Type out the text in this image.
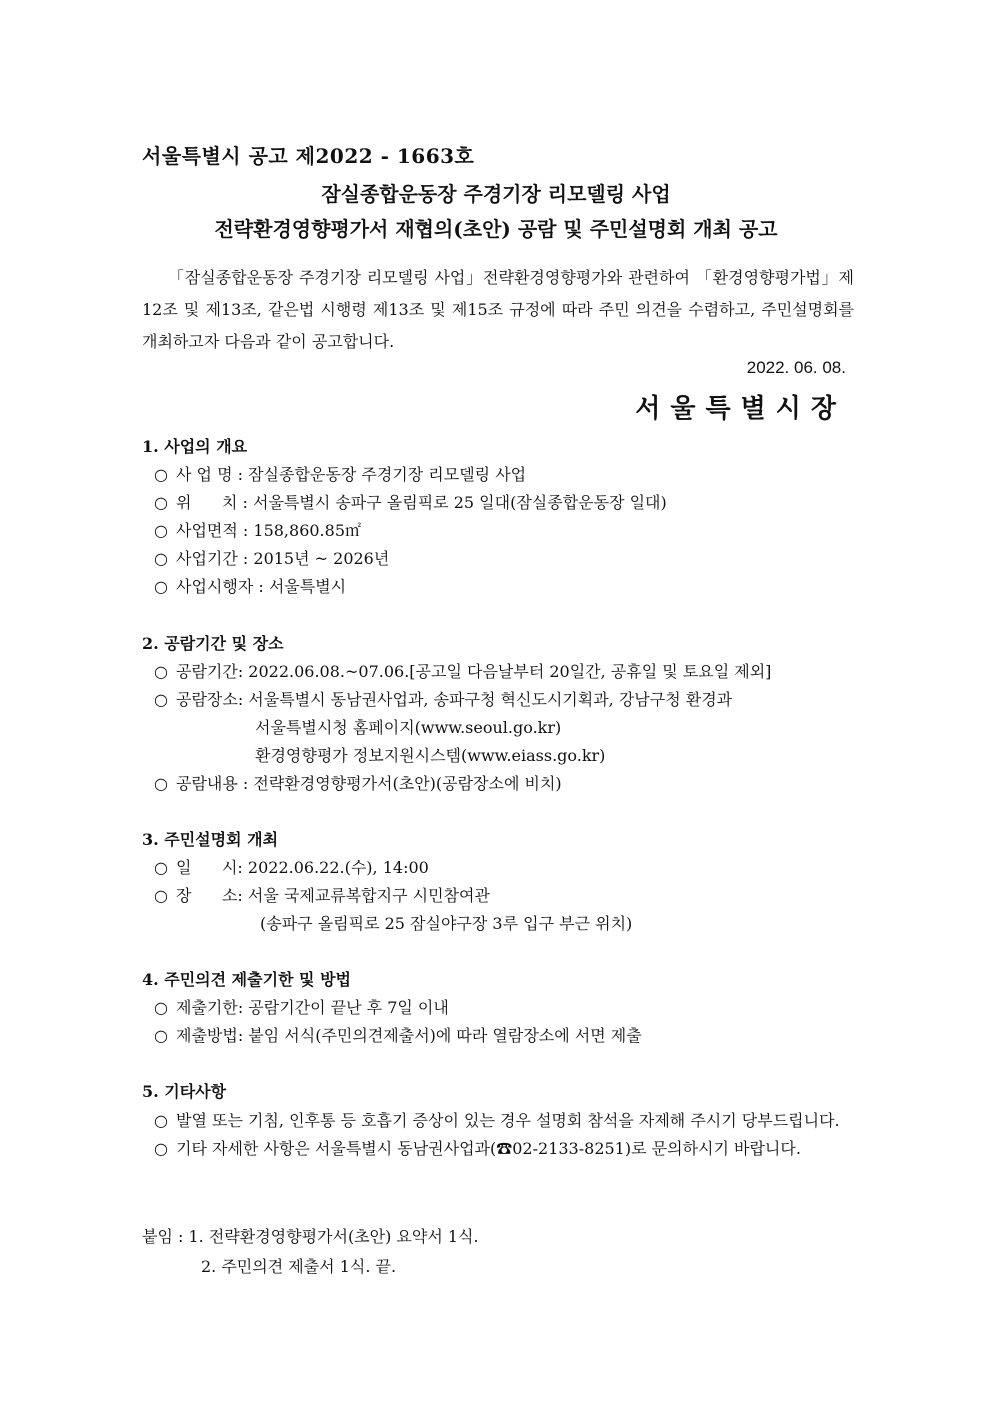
서울특별시 공고 제2022 - 1663호
잠실종합운동장 주경기장 리모델링 사업
전략환경영향평가서 재협의(초안) 공람 및 주민설명회 개최 공고

「잠실종합운동장 주경기장 리모델링 사업」전략환경영향평가와 관련하여 「환경영향평가법」제12조 및 제13조, 같은법 시행령 제13조 및 제15조 규정에 따라 주민 의견을 수렴하고, 주민설명회를 개최하고자 다음과 같이 공고합니다.

2022. 06. 08.
서울특별시장
1. 사업의 개요
○ 사 업 명 : 잠실종합운동장 주경기장 리모델링 사업
○ 위      치 : 서울특별시 송파구 올림픽로 25 일대(잠실종합운동장 일대)
○ 사업면적 : 158,860.85㎡
○ 사업기간 : 2015년 ~ 2026년
○ 사업시행자 : 서울특별시
2. 공람기간 및 장소
○ 공람기간: 2022.06.08.~07.06.[공고일 다음날부터 20일간, 공휴일 및 토요일 제외]
○ 공람장소: 서울특별시 동남권사업과, 송파구청 혁신도시기획과, 강남구청 환경과
서울특별시청 홈페이지(www.seoul.go.kr)
환경영향평가 정보지원시스템(www.eiass.go.kr)
○ 공람내용 : 전략환경영향평가서(초안)(공람장소에 비치)
3. 주민설명회 개최
○ 일      시: 2022.06.22.(수), 14:00
○ 장      소: 서울 국제교류복합지구 시민참여관
(송파구 올림픽로 25 잠실야구장 3루 입구 부근 위치)
4. 주민의견 제출기한 및 방법
○ 제출기한: 공람기간이 끝난 후 7일 이내
○ 제출방법: 붙임 서식(주민의견제출서)에 따라 열람장소에 서면 제출
5. 기타사항
○ 발열 또는 기침, 인후통 등 호흡기 증상이 있는 경우 설명회 참석을 자제해 주시기 당부드립니다.
○ 기타 자세한 사항은 서울특별시 동남권사업과(☎02-2133-8251)로 문의하시기 바랍니다.
붙임 : 1. 전략환경영향평가서(초안) 요약서 1식.
2. 주민의견 제출서 1식. 끝.
